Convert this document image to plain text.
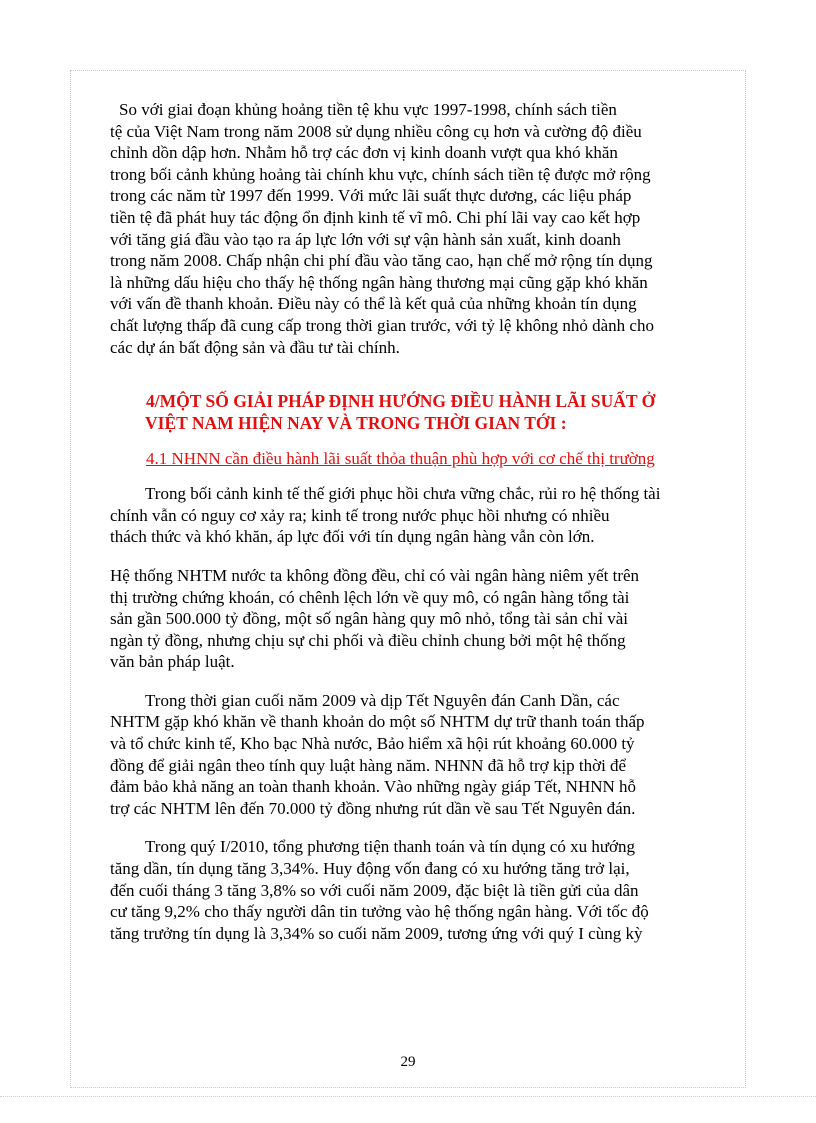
So với giai đoạn khủng hoảng tiền tệ khu vực 1997-1998, chính sách tiền
tệ của Việt Nam trong năm 2008 sử dụng nhiều công cụ hơn và cường độ điều
chỉnh dồn dập hơn. Nhằm hỗ trợ các đơn vị kinh doanh vượt qua khó khăn
trong bối cảnh khủng hoảng tài chính khu vực, chính sách tiền tệ được mở rộng
trong các năm từ 1997 đến 1999. Với mức lãi suất thực dương, các liệu pháp
tiền tệ đã phát huy tác động ổn định kinh tế vĩ mô. Chi phí lãi vay cao kết hợp
với tăng giá đầu vào tạo ra áp lực lớn với sự vận hành sản xuất, kinh doanh
trong năm 2008. Chấp nhận chi phí đầu vào tăng cao, hạn chế mở rộng tín dụng
là những dấu hiệu cho thấy hệ thống ngân hàng thương mại cũng gặp khó khăn
với vấn đề thanh khoản. Điều này có thể là kết quả của những khoản tín dụng
chất lượng thấp đã cung cấp trong thời gian trước, với tỷ lệ không nhỏ dành cho
các dự án bất động sản và đầu tư tài chính.

4/MỘT SỐ GIẢI PHÁP ĐỊNH HƯỚNG ĐIỀU HÀNH LÃI SUẤT Ở
VIỆT NAM HIỆN NAY VÀ TRONG THỜI GIAN TỚI :
4.1 NHNN cần điều hành lãi suất thỏa thuận phù hợp với cơ chế thị trường

Trong bối cảnh kinh tế thế giới phục hồi chưa vững chắc, rủi ro hệ thống tài
chính vẫn có nguy cơ xảy ra; kinh tế trong nước phục hồi nhưng có nhiều
thách thức và khó khăn, áp lực đối với tín dụng ngân hàng vẫn còn lớn.

Hệ thống NHTM nước ta không đồng đều, chỉ có vài ngân hàng niêm yết trên
thị trường chứng khoán, có chênh lệch lớn về quy mô, có ngân hàng tổng tài
sản gần 500.000 tỷ đồng, một số ngân hàng quy mô nhỏ, tổng tài sản chỉ vài
ngàn tỷ đồng, nhưng chịu sự chi phối và điều chỉnh chung bởi một hệ thống
văn bản pháp luật.

Trong thời gian cuối năm 2009 và dịp Tết Nguyên đán Canh Dần, các
NHTM gặp khó khăn về thanh khoản do một số NHTM dự trữ thanh toán thấp
và tổ chức kinh tế, Kho bạc Nhà nước, Bảo hiểm xã hội rút khoảng 60.000 tỷ
đồng để giải ngân theo tính quy luật hàng năm. NHNN đã hỗ trợ kịp thời để
đảm bảo khả năng an toàn thanh khoản. Vào những ngày giáp Tết, NHNN hỗ
trợ các NHTM lên đến 70.000 tỷ đồng nhưng rút dần về sau Tết Nguyên đán.

Trong quý I/2010, tổng phương tiện thanh toán và tín dụng có xu hướng
tăng dần, tín dụng tăng 3,34%. Huy động vốn đang có xu hướng tăng trở lại,
đến cuối tháng 3 tăng 3,8% so với cuối năm 2009, đặc biệt là tiền gửi của dân
cư tăng 9,2% cho thấy người dân tin tưởng vào hệ thống ngân hàng. Với tốc độ
tăng trưởng tín dụng là 3,34% so cuối năm 2009, tương ứng với quý I cùng kỳ

29
